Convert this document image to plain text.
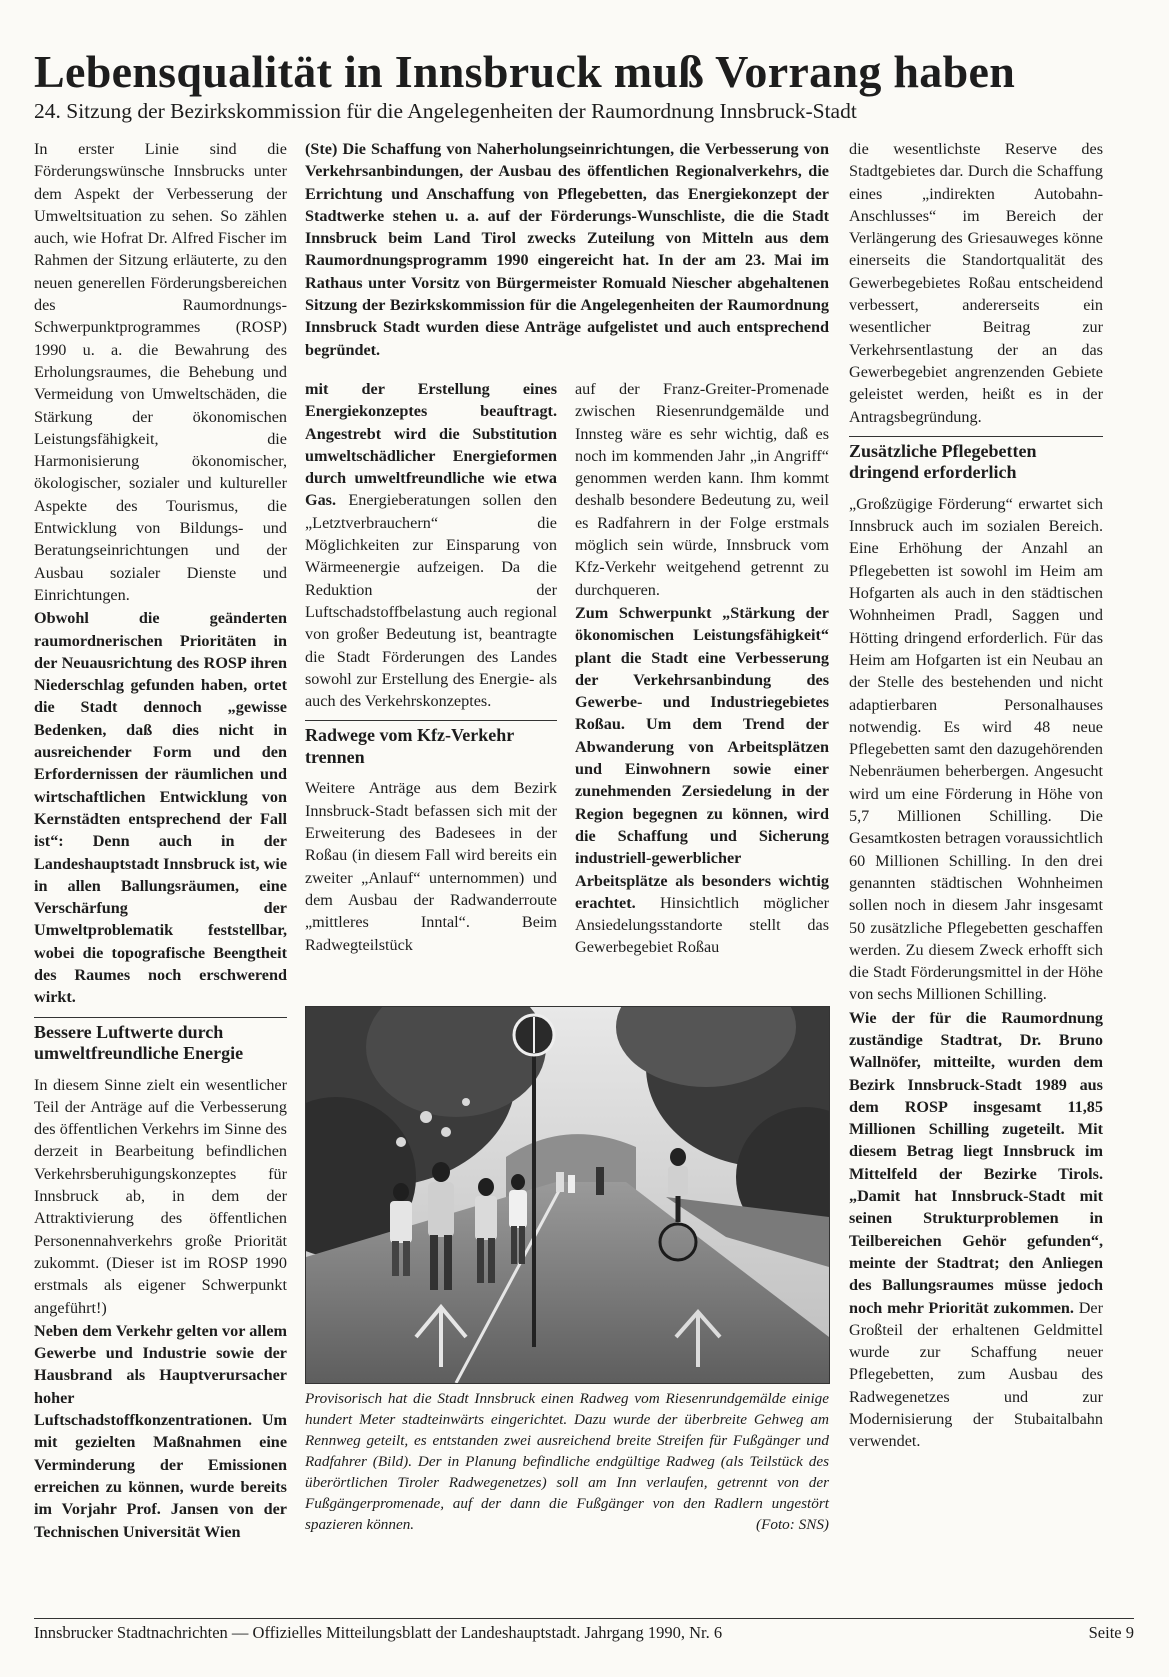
Lebensqualität in Innsbruck muß Vorrang haben
24. Sitzung der Bezirkskommission für die Angelegenheiten der Raumordnung Innsbruck-Stadt

In erster Linie sind die Förderungswünsche Innsbrucks unter dem Aspekt der Verbesserung der Umweltsituation zu sehen. So zählen auch, wie Hofrat Dr. Alfred Fischer im Rahmen der Sitzung erläuterte, zu den neuen generellen Förderungsbereichen des Raumordnungs-Schwerpunktprogrammes (ROSP) 1990 u. a. die Bewahrung des Erholungsraumes, die Behebung und Vermeidung von Umweltschäden, die Stärkung der ökonomischen Leistungsfähigkeit, die Harmonisierung ökonomischer, ökologischer, sozialer und kultureller Aspekte des Tourismus, die Entwicklung von Bildungs- und Beratungseinrichtungen und der Ausbau sozialer Dienste und Einrichtungen.

Obwohl die geänderten raumordnerischen Prioritäten in der Neuausrichtung des ROSP ihren Niederschlag gefunden haben, ortet die Stadt dennoch „gewisse Bedenken, daß dies nicht in ausreichender Form und den Erfordernissen der räumlichen und wirtschaftlichen Entwicklung von Kernstädten entsprechend der Fall ist“: Denn auch in der Landeshauptstadt Innsbruck ist, wie in allen Ballungsräumen, eine Verschärfung der Umweltproblematik feststellbar, wobei die topografische Beengtheit des Raumes noch erschwerend wirkt.

Bessere Luftwerte durch umweltfreundliche Energie

In diesem Sinne zielt ein wesentlicher Teil der Anträge auf die Verbesserung des öffentlichen Verkehrs im Sinne des derzeit in Bearbeitung befindlichen Verkehrsberuhigungskonzeptes für Innsbruck ab, in dem der Attraktivierung des öffentlichen Personennahverkehrs große Priorität zukommt. (Dieser ist im ROSP 1990 erstmals als eigener Schwerpunkt angeführt!)

Neben dem Verkehr gelten vor allem Gewerbe und Industrie sowie der Hausbrand als Hauptverursacher hoher Luftschadstoffkonzentrationen. Um mit gezielten Maßnahmen eine Verminderung der Emissionen erreichen zu können, wurde bereits im Vorjahr Prof. Jansen von der Technischen Universität Wien

(Ste) Die Schaffung von Naherholungseinrichtungen, die Verbesserung von Verkehrsanbindungen, der Ausbau des öffentlichen Regionalverkehrs, die Errichtung und Anschaffung von Pflegebetten, das Energiekonzept der Stadtwerke stehen u. a. auf der Förderungs-Wunschliste, die die Stadt Innsbruck beim Land Tirol zwecks Zuteilung von Mitteln aus dem Raumordnungsprogramm 1990 eingereicht hat. In der am 23. Mai im Rathaus unter Vorsitz von Bürgermeister Romuald Niescher abgehaltenen Sitzung der Bezirkskommission für die Angelegenheiten der Raumordnung Innsbruck Stadt wurden diese Anträge aufgelistet und auch entsprechend begründet.

mit der Erstellung eines Energiekonzeptes beauftragt. Angestrebt wird die Substitution umweltschädlicher Energieformen durch umweltfreundliche wie etwa Gas. Energieberatungen sollen den „Letztverbrauchern“ die Möglichkeiten zur Einsparung von Wärmeenergie aufzeigen. Da die Reduktion der Luftschadstoffbelastung auch regional von großer Bedeutung ist, beantragte die Stadt Förderungen des Landes sowohl zur Erstellung des Energie- als auch des Verkehrskonzeptes.

Radwege vom Kfz-Verkehr trennen

Weitere Anträge aus dem Bezirk Innsbruck-Stadt befassen sich mit der Erweiterung des Badesees in der Roßau (in diesem Fall wird bereits ein zweiter „Anlauf“ unternommen) und dem Ausbau der Radwanderroute „mittleres Inntal“. Beim Radwegteilstück

auf der Franz-Greiter-Promenade zwischen Riesenrundgemälde und Innsteg wäre es sehr wichtig, daß es noch im kommenden Jahr „in Angriff“ genommen werden kann. Ihm kommt deshalb besondere Bedeutung zu, weil es Radfahrern in der Folge erstmals möglich sein würde, Innsbruck vom Kfz-Verkehr weitgehend getrennt zu durchqueren.

Zum Schwerpunkt „Stärkung der ökonomischen Leistungsfähigkeit“ plant die Stadt eine Verbesserung der Verkehrsanbindung des Gewerbe- und Industriegebietes Roßau. Um dem Trend der Abwanderung von Arbeitsplätzen und Einwohnern sowie einer zunehmenden Zersiedelung in der Region begegnen zu können, wird die Schaffung und Sicherung industriell-gewerblicher Arbeitsplätze als besonders wichtig erachtet. Hinsichtlich möglicher Ansiedelungsstandorte stellt das Gewerbegebiet Roßau

die wesentlichste Reserve des Stadtgebietes dar. Durch die Schaffung eines „indirekten Autobahn-Anschlusses“ im Bereich der Verlängerung des Griesauweges könne einerseits die Standortqualität des Gewerbegebietes Roßau entscheidend verbessert, andererseits ein wesentlicher Beitrag zur Verkehrsentlastung der an das Gewerbegebiet angrenzenden Gebiete geleistet werden, heißt es in der Antragsbegründung.

Zusätzliche Pflegebetten dringend erforderlich

„Großzügige Förderung“ erwartet sich Innsbruck auch im sozialen Bereich. Eine Erhöhung der Anzahl an Pflegebetten ist sowohl im Heim am Hofgarten als auch in den städtischen Wohnheimen Pradl, Saggen und Hötting dringend erforderlich. Für das Heim am Hofgarten ist ein Neubau an der Stelle des bestehenden und nicht adaptierbaren Personalhauses notwendig. Es wird 48 neue Pflegebetten samt den dazugehörenden Nebenräumen beherbergen. Angesucht wird um eine Förderung in Höhe von 5,7 Millionen Schilling. Die Gesamtkosten betragen voraussichtlich 60 Millionen Schilling. In den drei genannten städtischen Wohnheimen sollen noch in diesem Jahr insgesamt 50 zusätzliche Pflegebetten geschaffen werden. Zu diesem Zweck erhofft sich die Stadt Förderungsmittel in der Höhe von sechs Millionen Schilling.

Wie der für die Raumordnung zuständige Stadtrat, Dr. Bruno Wallnöfer, mitteilte, wurden dem Bezirk Innsbruck-Stadt 1989 aus dem ROSP insgesamt 11,85 Millionen Schilling zugeteilt. Mit diesem Betrag liegt Innsbruck im Mittelfeld der Bezirke Tirols. „Damit hat Innsbruck-Stadt mit seinen Strukturproblemen in Teilbereichen Gehör gefunden“, meinte der Stadtrat; den Anliegen des Ballungsraumes müsse jedoch noch mehr Priorität zukommen. Der Großteil der erhaltenen Geldmittel wurde zur Schaffung neuer Pflegebetten, zum Ausbau des Radwegenetzes und zur Modernisierung der Stubaitalbahn verwendet.

Provisorisch hat die Stadt Innsbruck einen Radweg vom Riesenrundgemälde einige hundert Meter stadteinwärts eingerichtet. Dazu wurde der überbreite Gehweg am Rennweg geteilt, es entstanden zwei ausreichend breite Streifen für Fußgänger und Radfahrer (Bild). Der in Planung befindliche endgültige Radweg (als Teilstück des überörtlichen Tiroler Radwegenetzes) soll am Inn verlaufen, getrennt von der Fußgängerpromenade, auf der dann die Fußgänger von den Radlern ungestört spazieren können.	(Foto: SNS)

Innsbrucker Stadtnachrichten — Offizielles Mitteilungsblatt der Landeshauptstadt. Jahrgang 1990, Nr. 6	Seite 9
